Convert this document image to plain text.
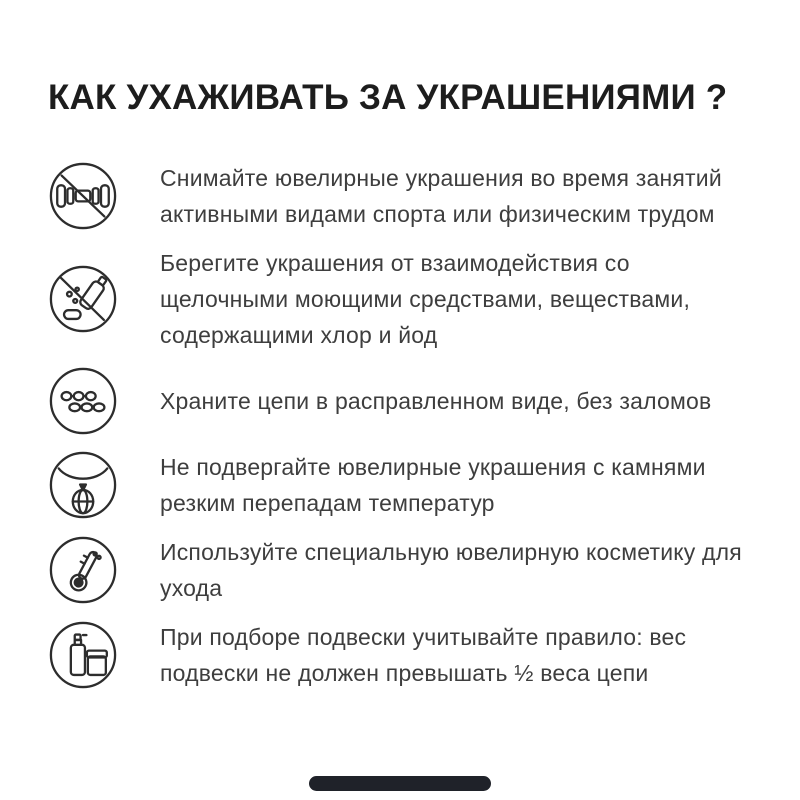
КАК УХАЖИВАТЬ ЗА УКРАШЕНИЯМИ ?
Снимайте ювелирные украшения во время занятий активными видами спорта или физическим трудом
Берегите украшения от взаимодействия со щелочными моющими средствами, веществами, содержащими хлор и йод
Храните цепи в расправленном виде, без заломов
Не подвергайте ювелирные украшения с камнями резким перепадам температур
Используйте специальную ювелирную косметику для ухода
При подборе подвески учитывайте правило: вес подвески не должен превышать ½ веса цепи
